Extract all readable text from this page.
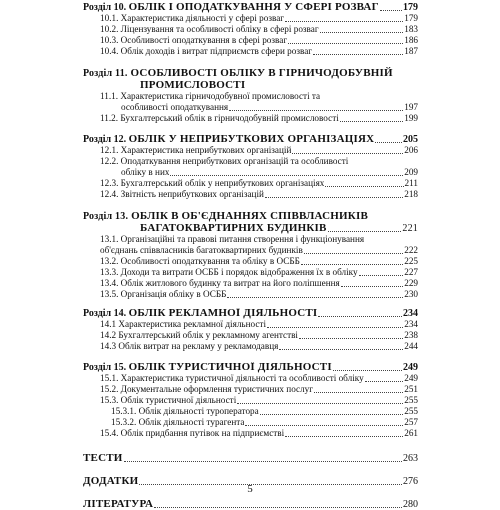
Розділ 10. ОБЛІК І ОПОДАТКУВАННЯ У СФЕРІ РОЗВАГ 179
10.1. Характеристика діяльності у сфері розваг	179
10.2. Ліцензування та особливості обліку в сфері розваг	183
10.3. Особливості оподаткування в сфері розваг	186
10.4. Облік доходів і витрат підприємств сфери розваг	187
Розділ 11. ОСОБЛИВОСТІ ОБЛІКУ В ГІРНИЧОДОБУВНІЙ
ПРОМИСЛОВОСТІ
11.1. Характеристика гірничодобувної промисловості та
особливості оподаткування	197
11.2. Бухгалтерський облік в гірничодобувній промисловості	199
Розділ 12. ОБЛІК У НЕПРИБУТКОВИХ ОРГАНІЗАЦІЯХ	205
12.1. Характеристика неприбуткових організацій	206
12.2. Оподаткування неприбуткових організацій та особливості
обліку в них	209
12.3. Бухгалтерський облік у неприбуткових організаціях	211
12.4. Звітність неприбуткових організацій	218
Розділ 13. ОБЛІК В ОБ'ЄДНАННЯХ СПІВВЛАСНИКІВ
БАГАТОКВАРТИРНИХ БУДИНКІВ	221
13.1. Організаційні та правові питання створення і функціонування
об'єднань співвласників багатоквартирних будинків	222
13.2. Особливості оподаткування та обліку в ОСББ	225
13.3. Доходи та витрати ОСББ і порядок відображення їх в обліку	227
13.4. Облік житлового будинку та витрат на його поліпшення	229
13.5. Організація обліку в ОСББ	230
Розділ 14. ОБЛІК РЕКЛАМНОЇ ДІЯЛЬНОСТІ	234
14.1 Характеристика рекламної діяльності	234
14.2 Бухгалтерський облік у рекламному агентстві	238
14.3 Облік витрат на рекламу у рекламодавця	244
Розділ 15. ОБЛІК ТУРИСТИЧНОЇ ДІЯЛЬНОСТІ	249
15.1. Характеристика туристичної діяльності та особливості обліку	249
15.2. Документальне оформлення туристичних послуг	251
15.3. Облік туристичної діяльності	255
15.3.1. Облік діяльності туроператора	255
15.3.2. Облік діяльності турагента	257
15.4. Облік придбання путівок на підприємстві	261
ТЕСТИ	263
ДОДАТКИ	276
ЛІТЕРАТУРА	280
5
